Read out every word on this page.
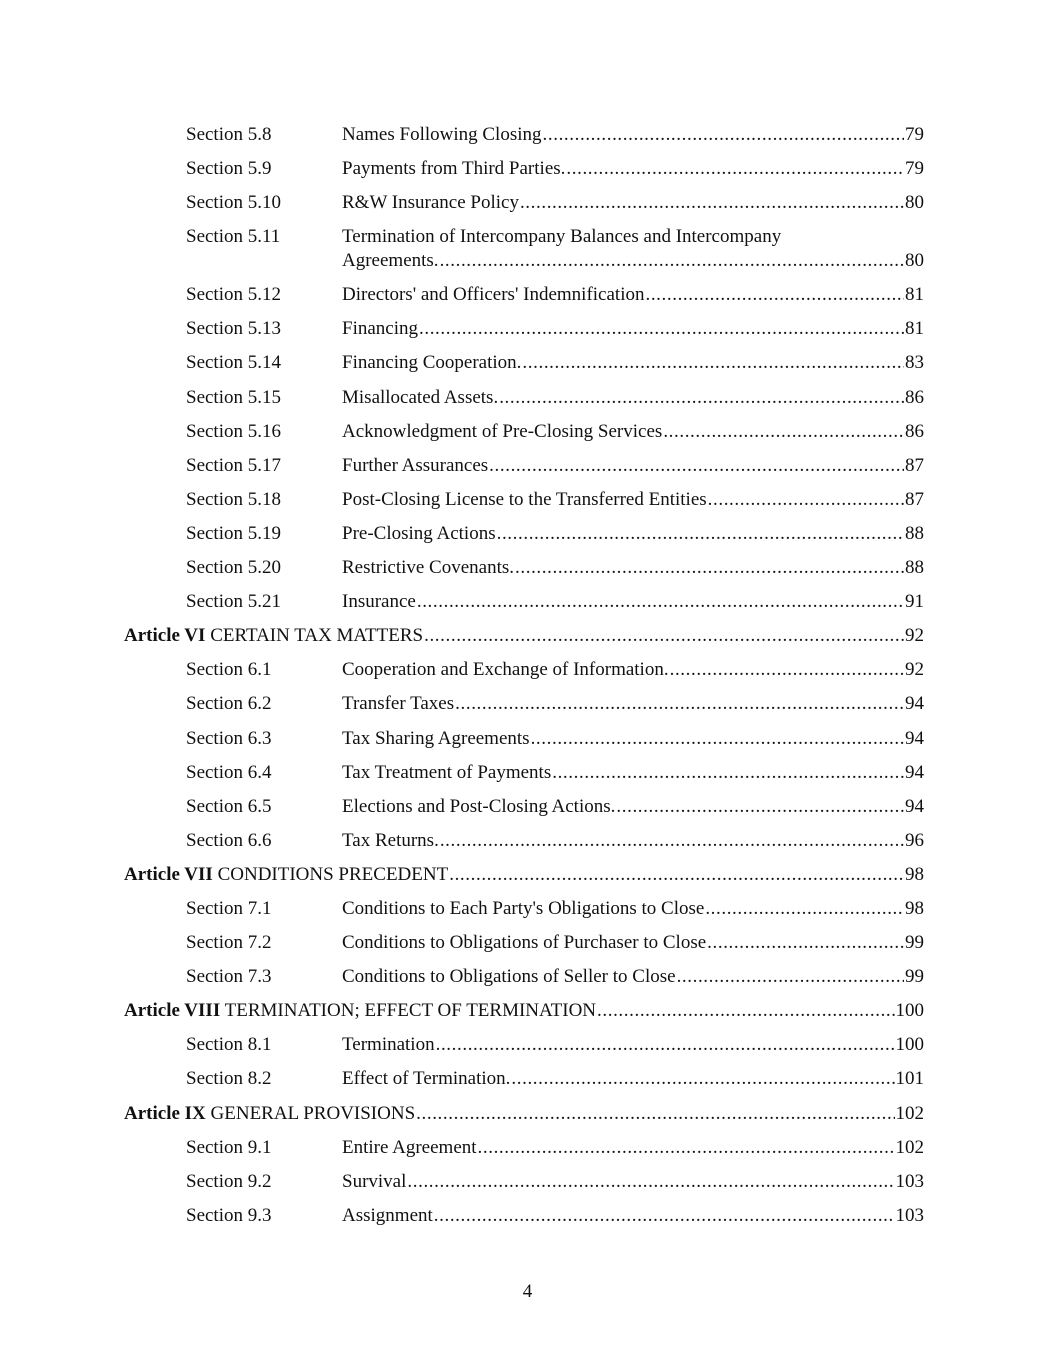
Section 5.8	Names Following Closing .....	79
Section 5.9	Payments from Third Parties. .....	79
Section 5.10	R&W Insurance Policy .....	80
Section 5.11	Termination of Intercompany Balances and Intercompany
Agreements. .....	80
Section 5.12	Directors' and Officers' Indemnification .....	81
Section 5.13	Financing .....	81
Section 5.14	Financing Cooperation. .....	83
Section 5.15	Misallocated Assets. .....	86
Section 5.16	Acknowledgment of Pre-Closing Services .....	86
Section 5.17	Further Assurances .....	87
Section 5.18	Post-Closing License to the Transferred Entities .....	87
Section 5.19	Pre-Closing Actions .....	88
Section 5.20	Restrictive Covenants. .....	88
Section 5.21	Insurance .....	91
Article VI CERTAIN TAX MATTERS .....	92
Section 6.1	Cooperation and Exchange of Information. .....	92
Section 6.2	Transfer Taxes .....	94
Section 6.3	Tax Sharing Agreements .....	94
Section 6.4	Tax Treatment of Payments .....	94
Section 6.5	Elections and Post-Closing Actions. .....	94
Section 6.6	Tax Returns. .....	96
Article VII CONDITIONS PRECEDENT .....	98
Section 7.1	Conditions to Each Party's Obligations to Close .....	98
Section 7.2	Conditions to Obligations of Purchaser to Close .....	99
Section 7.3	Conditions to Obligations of Seller to Close .....	99
Article VIII TERMINATION; EFFECT OF TERMINATION .....	100
Section 8.1	Termination .....	100
Section 8.2	Effect of Termination. .....	101
Article IX GENERAL PROVISIONS .....	102
Section 9.1	Entire Agreement .....	102
Section 9.2	Survival .....	103
Section 9.3	Assignment .....	103
4
